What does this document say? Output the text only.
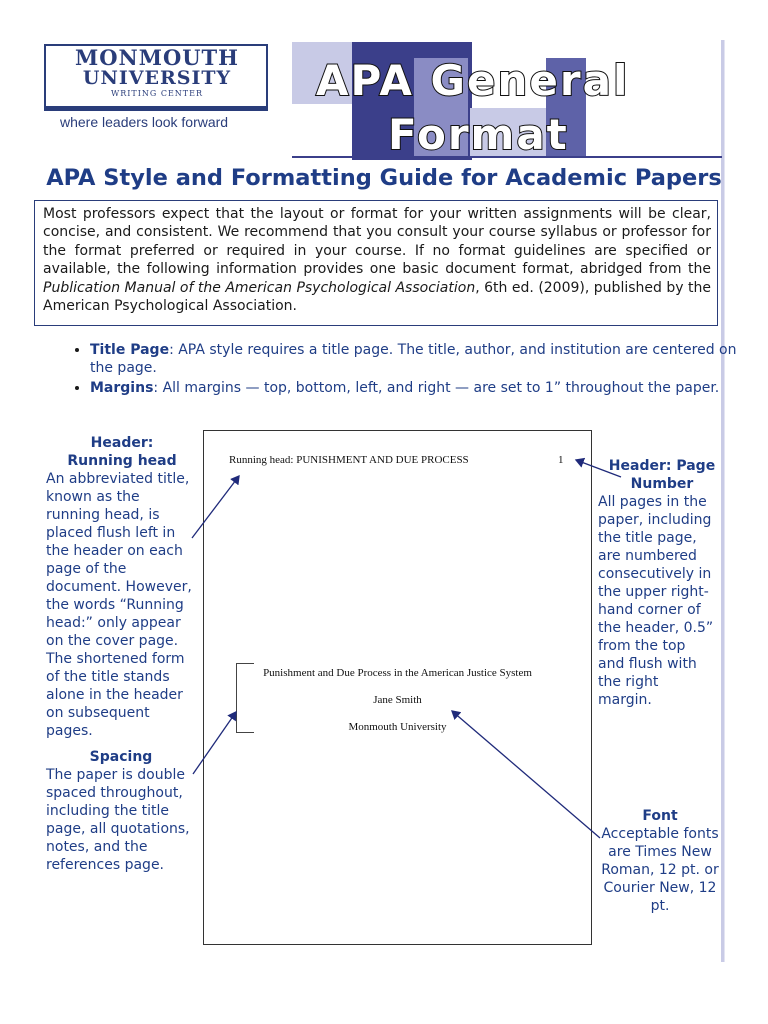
MONMOUTH
UNIVERSITY
WRITING CENTER
where leaders look forward
APA General
Format
APA Style and Formatting Guide for Academic Papers
Most professors expect that the layout or format for your written assignments will be clear, concise, and consistent. We recommend that you consult your course syllabus or professor for the format preferred or required in your course. If no format guidelines are specified or available, the following information provides one basic document format, abridged from the Publication Manual of the American Psychological Association, 6th ed. (2009), published by the American Psychological Association.
• Title Page: APA style requires a title page. The title, author, and institution are centered on the page.
• Margins: All margins — top, bottom, left, and right — are set to 1” throughout the paper.
Header: Running head
An abbreviated title, known as the running head, is placed flush left in the header on each page of the document. However, the words “Running head:” only appear on the cover page. The shortened form of the title stands alone in the header on subsequent pages.
Spacing
The paper is double spaced throughout, including the title page, all quotations, notes, and the references page.
Header: Page Number
All pages in the paper, including the title page, are numbered consecutively in the upper right-hand corner of the header, 0.5” from the top and flush with the right margin.
Font
Acceptable fonts are Times New Roman, 12 pt. or Courier New, 12 pt.
Running head: PUNISHMENT AND DUE PROCESS	1
Punishment and Due Process in the American Justice System
Jane Smith
Monmouth University
